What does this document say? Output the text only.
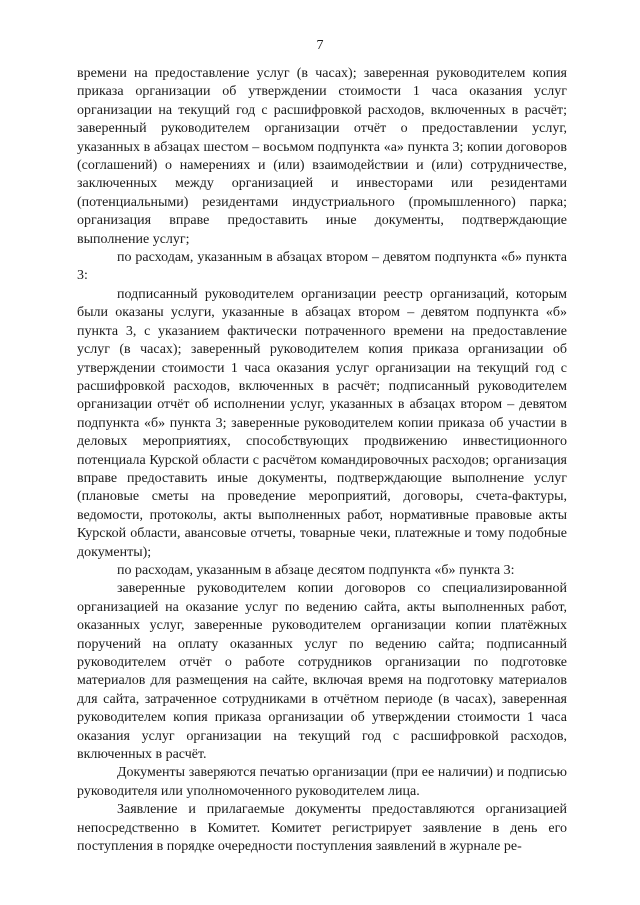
7

времени на предоставление услуг (в часах); заверенная руководителем копия приказа организации об утверждении стоимости 1 часа оказания услуг организации на текущий год с расшифровкой расходов, включенных в расчёт; заверенный руководителем организации отчёт о предоставлении услуг, указанных в абзацах шестом – восьмом подпункта «а» пункта 3; копии договоров (соглашений) о намерениях и (или) взаимодействии и (или) сотрудничестве, заключенных между организацией и инвесторами или резидентами (потенциальными) резидентами индустриального (промышленного) парка; организация вправе предоставить иные документы, подтверждающие выполнение услуг;

по расходам, указанным в абзацах втором – девятом подпункта «б» пункта 3:

подписанный руководителем организации реестр организаций, которым были оказаны услуги, указанные в абзацах втором – девятом подпункта «б» пункта 3, с указанием фактически потраченного времени на предоставление услуг (в часах); заверенный руководителем копия приказа организации об утверждении стоимости 1 часа оказания услуг организации на текущий год с расшифровкой расходов, включенных в расчёт; подписанный руководителем организации отчёт об исполнении услуг, указанных в абзацах втором – девятом подпункта «б» пункта 3; заверенные руководителем копии приказа об участии в деловых мероприятиях, способствующих продвижению инвестиционного потенциала Курской области с расчётом командировочных расходов; организация вправе предоставить иные документы, подтверждающие выполнение услуг (плановые сметы на проведение мероприятий, договоры, счета-фактуры, ведомости, протоколы, акты выполненных работ, нормативные правовые акты Курской области, авансовые отчеты, товарные чеки, платежные и тому подобные документы);

по расходам, указанным в абзаце десятом подпункта «б» пункта 3:

заверенные руководителем копии договоров со специализированной организацией на оказание услуг по ведению сайта, акты выполненных работ, оказанных услуг, заверенные руководителем организации копии платёжных поручений на оплату оказанных услуг по ведению сайта; подписанный руководителем отчёт о работе сотрудников организации по подготовке материалов для размещения на сайте, включая время на подготовку материалов для сайта, затраченное сотрудниками в отчётном периоде (в часах), заверенная руководителем копия приказа организации об утверждении стоимости 1 часа оказания услуг организации на текущий год с расшифровкой расходов, включенных в расчёт.

Документы заверяются печатью организации (при ее наличии) и подписью руководителя или уполномоченного руководителем лица.

Заявление и прилагаемые документы предоставляются организацией непосредственно в Комитет. Комитет регистрирует заявление в день его поступления в порядке очередности поступления заявлений в журнале ре-
